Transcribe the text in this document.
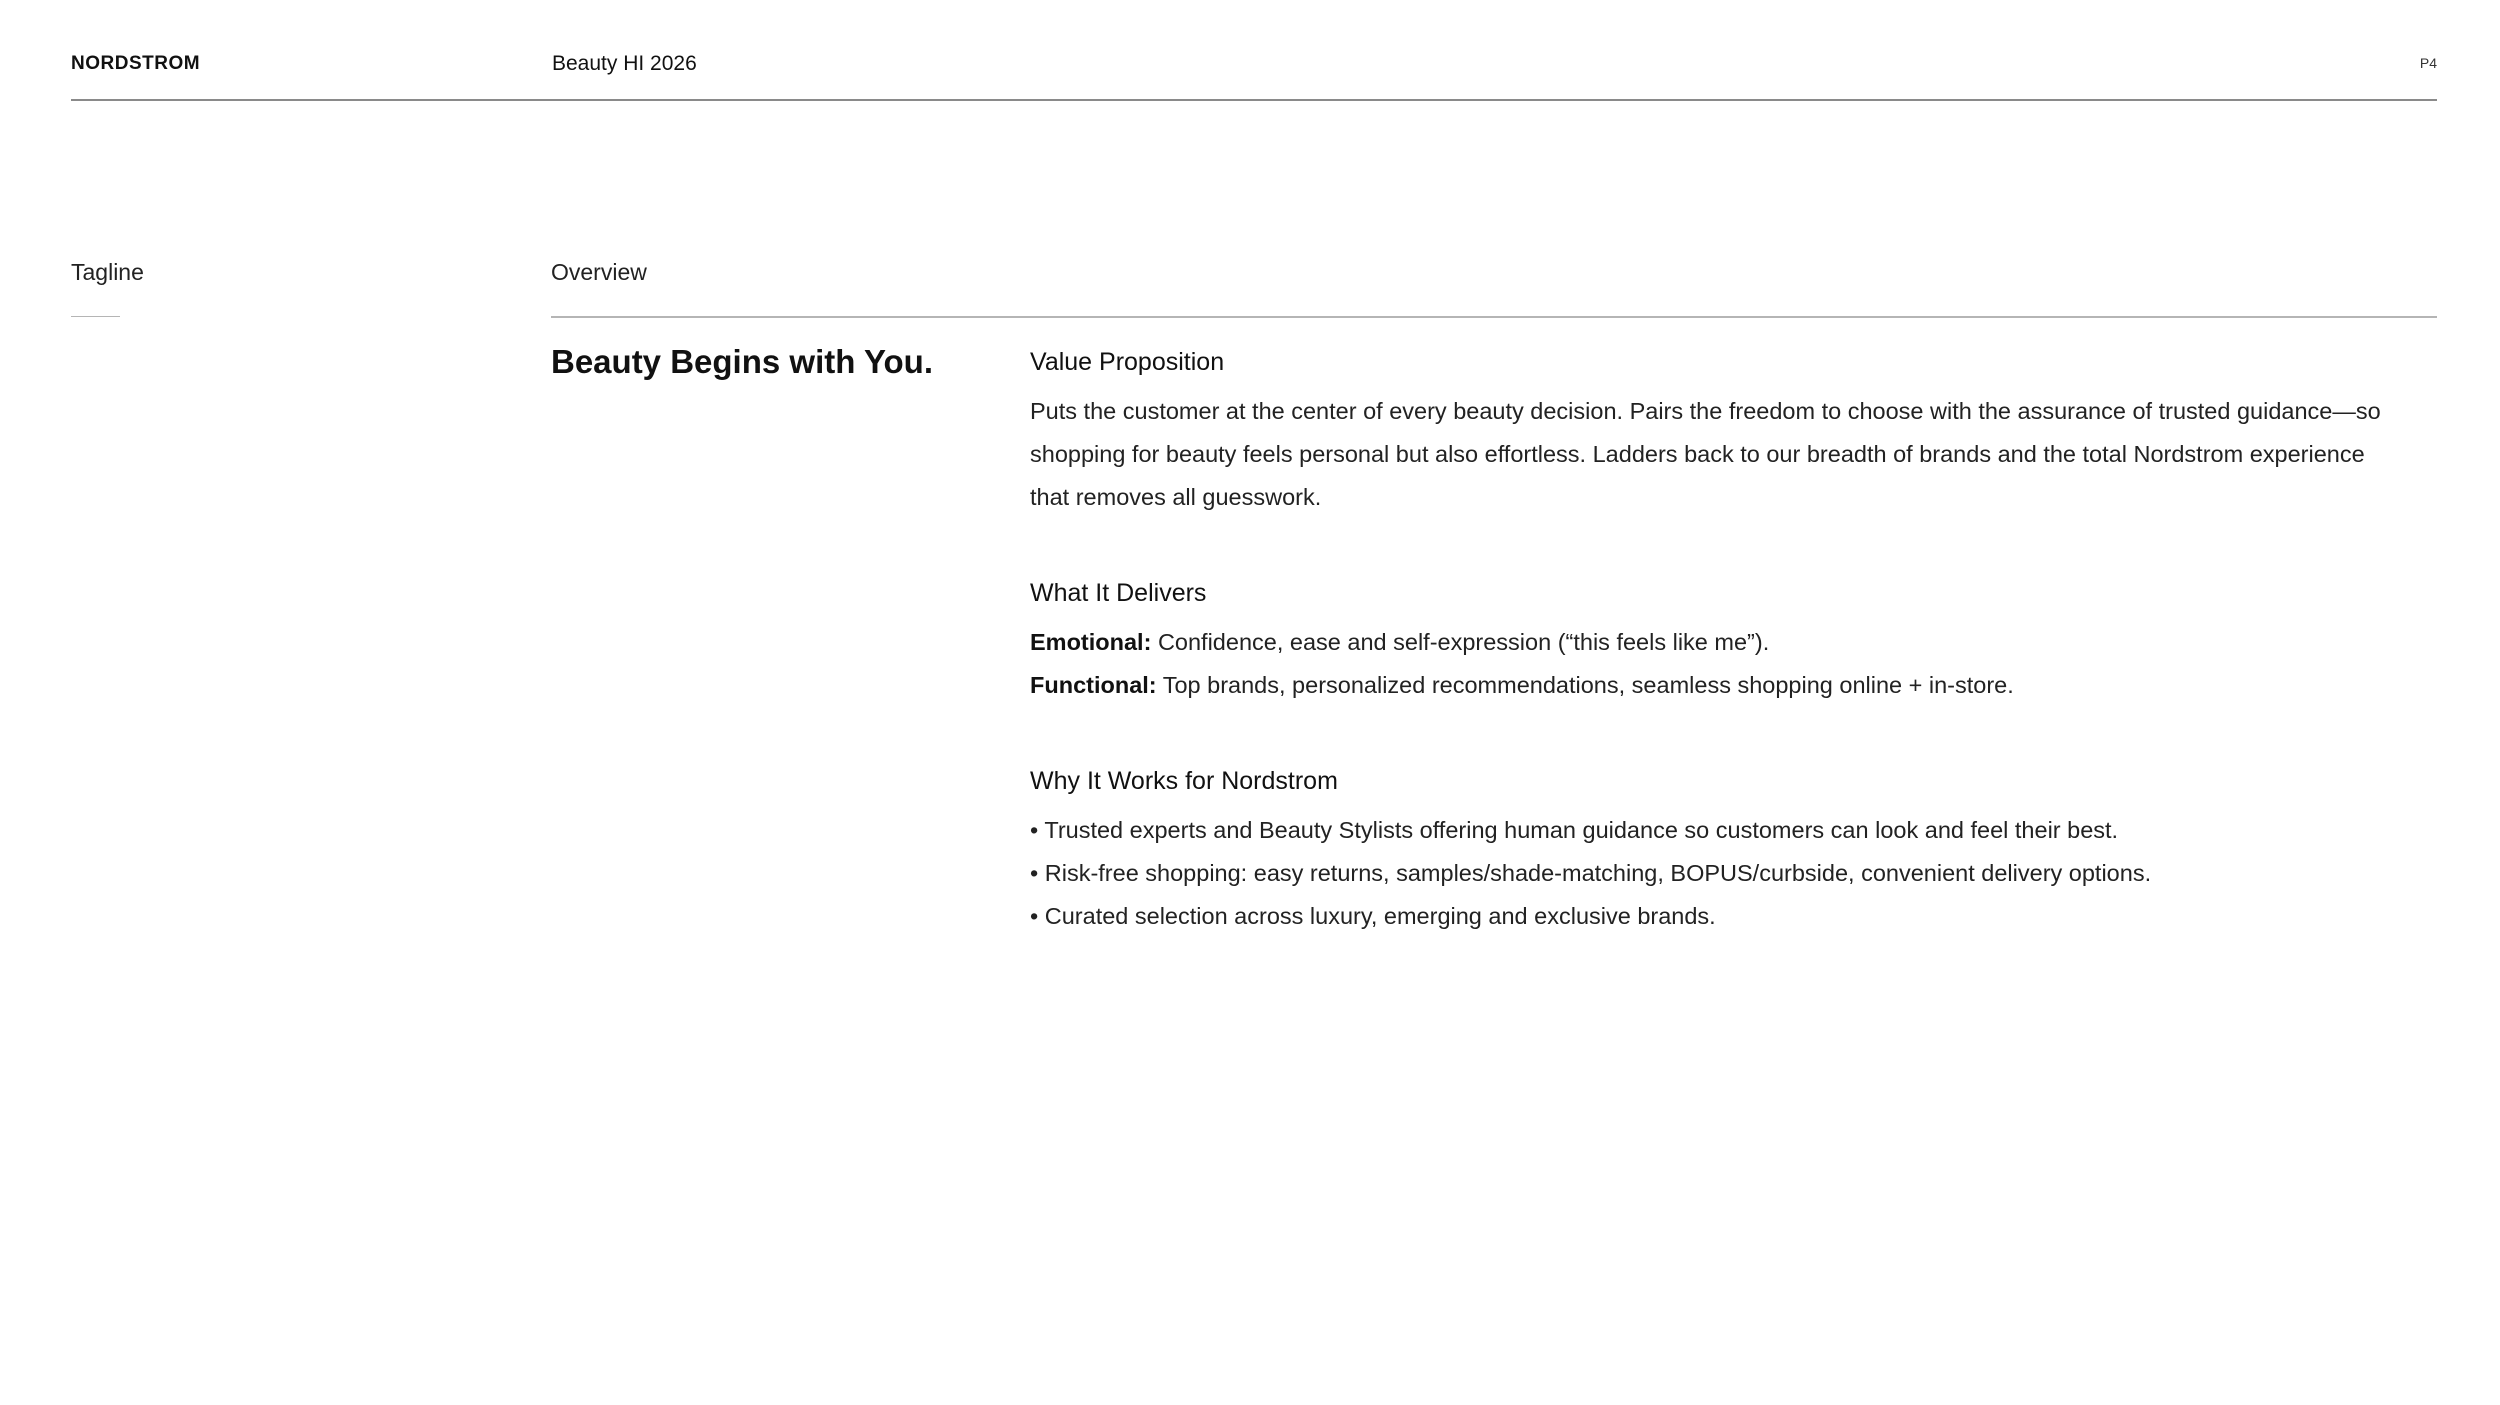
NORDSTROM	Beauty HI 2026	P4
Tagline	Overview
Beauty Begins with You.	Value Proposition
Puts the customer at the center of every beauty decision. Pairs the freedom to choose with the assurance of trusted guidance—so
shopping for beauty feels personal but also effortless. Ladders back to our breadth of brands and the total Nordstrom experience
that removes all guesswork.
What It Delivers
Emotional: Confidence, ease and self-expression (“this feels like me”).
Functional: Top brands, personalized recommendations, seamless shopping online + in-store.
Why It Works for Nordstrom
• Trusted experts and Beauty Stylists offering human guidance so customers can look and feel their best.
• Risk-free shopping: easy returns, samples/shade-matching, BOPUS/curbside, convenient delivery options.
• Curated selection across luxury, emerging and exclusive brands.
